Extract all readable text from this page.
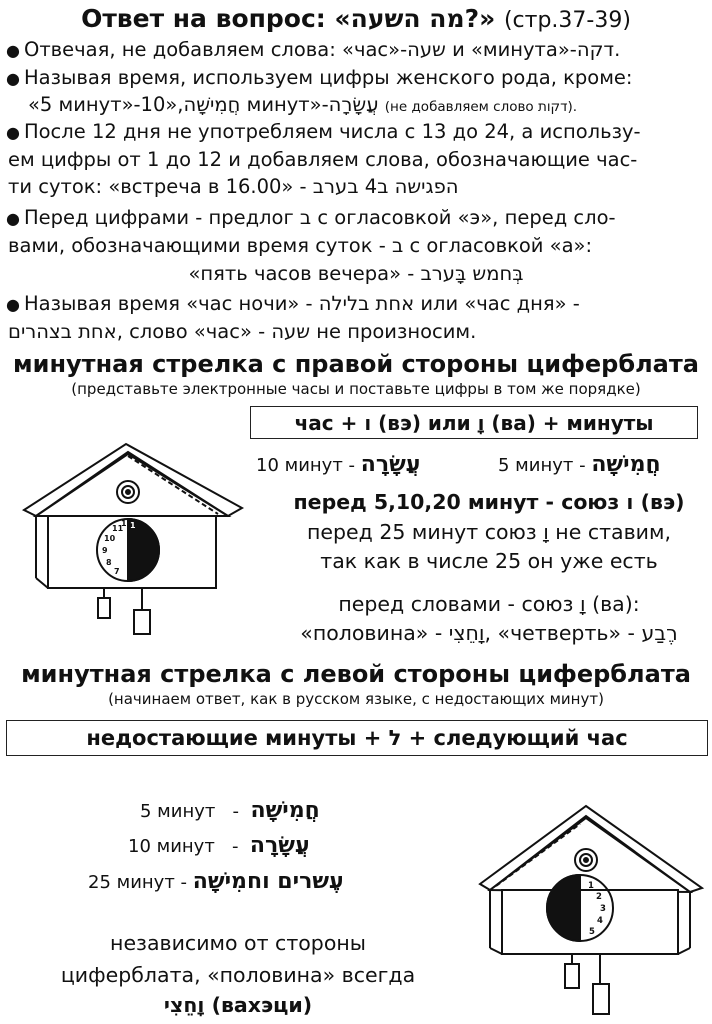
Ответ на вопрос: «מה השעה?» (стр.37-39)
● Отвечая, не добавляем слова: «час»-שעה и «минута»-דקה.
● Называя время, используем цифры женского рода, кроме:
«5 минут»-חֲמִישָׁה,«10 минут»-עֲשָׂרָה (не добавляем слово דקות).
● После 12 дня не употребляем числа с 13 до 24, а использу-
ем цифры от 1 до 12 и добавляем слова, обозначающие час-
ти суток: «встреча в 16.00» - הפגישה ב4 בערב
● Перед цифрами - предлог ב с огласовкой «э», перед сло-
вами, обозначающими время суток - ב с огласовкой «а»:
«пять часов вечера» - בְּחמש בָּערב
● Называя время «час ночи» - אחת בלילה или «час дня» -
אחת בצהרים, слово «час» - שעה не произносим.
минутная стрелка с правой стороны циферблата
(представьте электронные часы и поставьте цифры в том же порядке)
час + ו (вэ) или וָ (ва) + минуты
10 минут - עֲשָׂרָה	5 минут - חֲמִישָׁה
перед 5,10,20 минут - союз ו (вэ)
перед 25 минут союз וָ не ставим,
так как в числе 25 он уже есть
перед словами - союз וָ (ва):
«половина» - וָחֵצִי, «четверть» - רֶבַע
11
12
1
10
9
8
7
минутная стрелка с левой стороны циферблата
(начинаем ответ, как в русском языке, с недостающих минут)
недостающие минуты + ל + следующий час
5 минут   -  חֲמִישָׁה
10 минут   -  עֲשָׂרָה
25 минут - עֶשרים וחמִישָׁה
независимо от стороны
циферблата, «половина» всегда
וָחֵצִי (вахэци)
1
2
3
4
5
